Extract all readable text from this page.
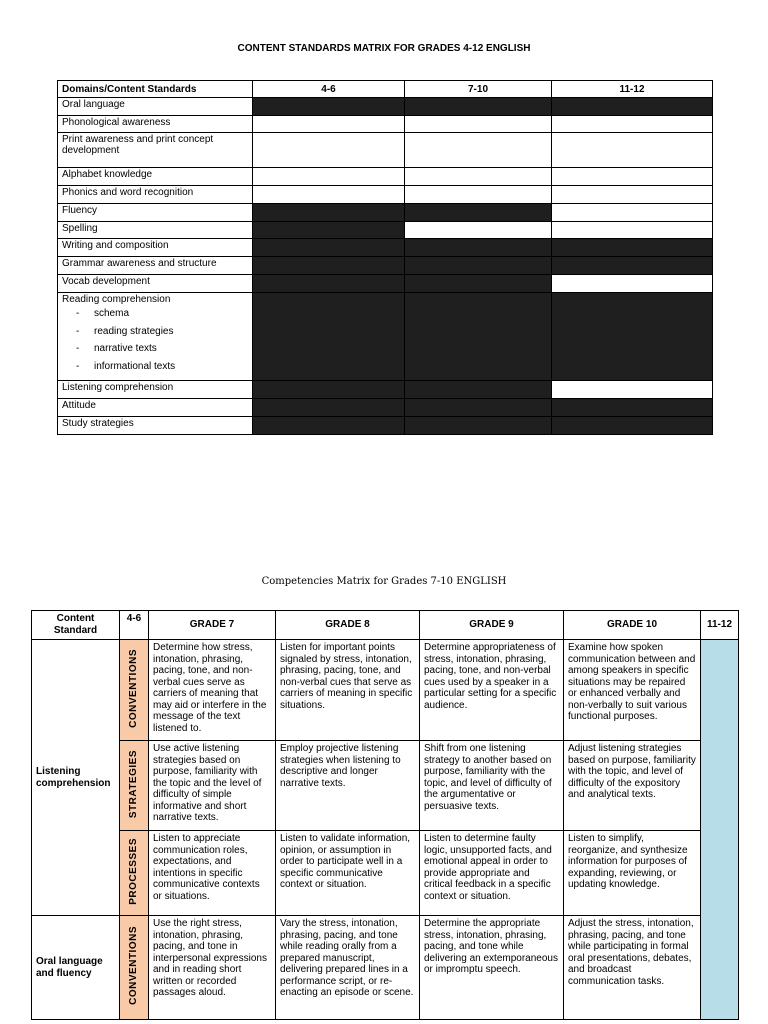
CONTENT STANDARDS MATRIX FOR GRADES 4-12 ENGLISH
Domains/Content Standards	4-6	7-10	11-12

Oral language			

Phonological awareness			

Print awareness and print concept development			

Alphabet knowledge			

Phonics and word recognition			

Fluency			

Spelling			

Writing and composition			

Grammar awareness and structure			

Vocab development			

Reading comprehension
- schema
- reading strategies
- narrative texts
- informational texts			

Listening comprehension			

Attitude			

Study strategies			

Competencies Matrix for Grades 7-10 ENGLISH
Content Standard	4-6	GRADE 7	GRADE 8	GRADE 9	GRADE 10	11-12
Listening comprehension	CONVENTIONS	Determine how stress, intonation, phrasing, pacing, tone, and non-verbal cues serve as carriers of meaning that may aid or interfere in the message of the text listened to.	Listen for important points signaled by stress, intonation, phrasing, pacing, tone, and non-verbal cues that serve as carriers of meaning in specific situations.	Determine appropriateness of stress, intonation, phrasing, pacing, tone, and non-verbal cues used by a speaker in a particular setting for a specific audience.	Examine how spoken communication between and among speakers in specific situations may be repaired or enhanced verbally and non-verbally to suit various functional purposes.	
	STRATEGIES	Use active listening strategies based on purpose, familiarity with the topic and the level of difficulty of simple informative and short narrative texts.	Employ projective listening strategies when listening to descriptive and longer narrative texts.	Shift from one listening strategy to another based on purpose, familiarity with the topic, and level of difficulty of the argumentative or persuasive texts.	Adjust listening strategies based on purpose, familiarity with the topic, and level of difficulty of the expository and analytical texts.	
	PROCESSES	Listen to appreciate communication roles, expectations, and intentions in specific communicative contexts or situations.	Listen to validate information, opinion, or assumption in order to participate well in a specific communicative context or situation.	Listen to determine faulty logic, unsupported facts, and emotional appeal in order to provide appropriate and critical feedback in a specific context or situation.	Listen to simplify, reorganize, and synthesize information for purposes of expanding, reviewing, or updating knowledge.	
Oral language and fluency	CONVENTIONS	Use the right stress, intonation, phrasing, pacing, and tone in interpersonal expressions and in reading short written or recorded passages aloud.	Vary the stress, intonation, phrasing, pacing, and tone while reading orally from a prepared manuscript, delivering prepared lines in a performance script, or re-enacting an episode or scene.	Determine the appropriate stress, intonation, phrasing, pacing, and tone while delivering an extemporaneous or impromptu speech.	Adjust the stress, intonation, phrasing, pacing, and tone while participating in formal oral presentations, debates, and broadcast communication tasks.	
